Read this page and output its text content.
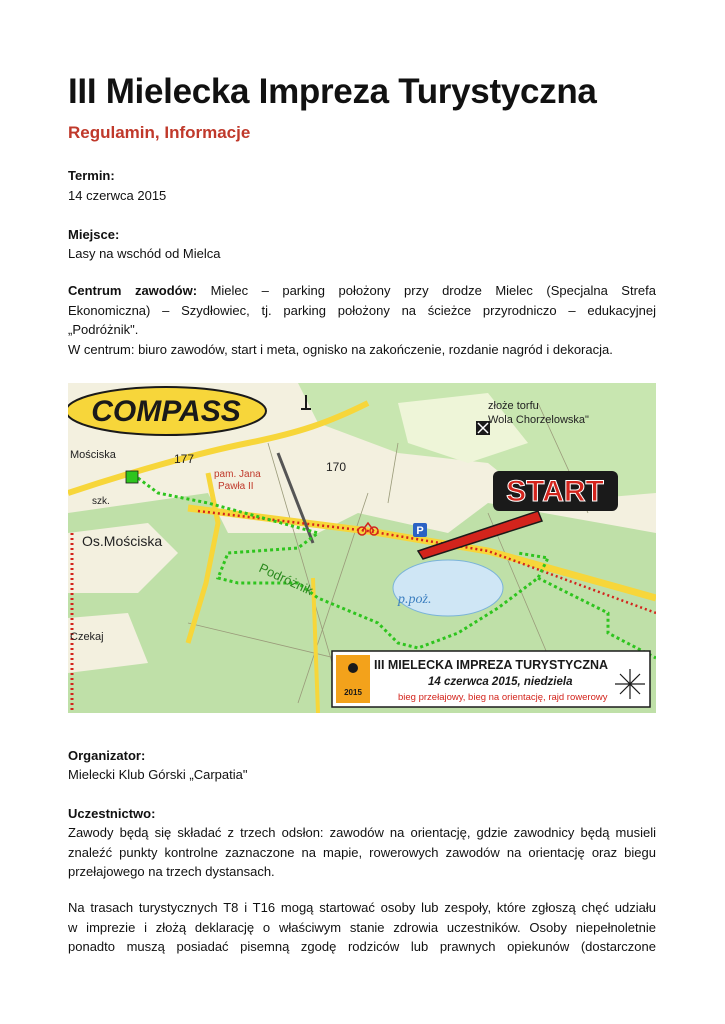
III Mielecka Impreza Turystyczna
Regulamin, Informacje
Termin:
14 czerwca 2015
Miejsce:
Lasy na wschód od Mielca
Centrum zawodów: Mielec – parking położony przy drodze Mielec (Specjalna Strefa
Ekonomiczna) – Szydłowiec, tj. parking położony na ścieżce przyrodniczo – edukacyjnej
„Podróżnik".
W centrum: biuro zawodów, start i meta, ognisko na zakończenie, rozdanie nagród i dekoracja.
COMPASS
START
P
Mościska
szk.
Os.Mościska
177
170
pam. Jana
Pawła II
złoże torfu
Wola Chorzelowska"
Podróżnik
p.poż.
Czekaj
2015
III MIELECKA IMPREZA TURYSTYCZNA
14 czerwca 2015, niedziela
bieg przełajowy, bieg na orientację, rajd rowerowy
Organizator:
Mielecki Klub Górski „Carpatia"
Uczestnictwo:
Zawody będą się składać z trzech odsłon: zawodów na orientację, gdzie zawodnicy będą musieli
znaleźć punkty kontrolne zaznaczone na mapie, rowerowych zawodów na orientację oraz biegu
przełajowego na trzech dystansach.
Na trasach turystycznych T8 i T16 mogą startować osoby lub zespoły, które zgłoszą chęć udziału
w imprezie i złożą deklarację o właściwym stanie zdrowia uczestników. Osoby niepełnoletnie
ponadto muszą posiadać pisemną zgodę rodziców lub prawnych opiekunów (dostarczone
